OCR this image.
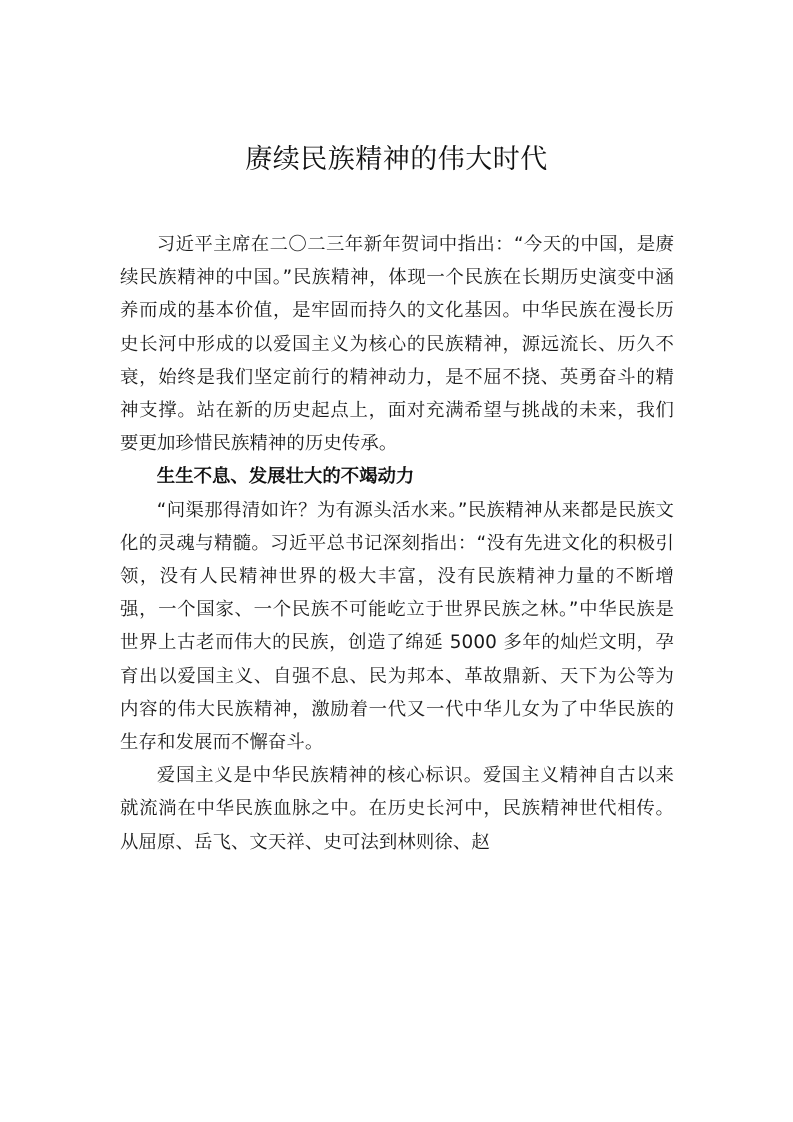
赓续民族精神的伟大时代

习近平主席在二〇二三年新年贺词中指出：“今天的中国，是赓续民族精神的中国。”民族精神，体现一个民族在长期历史演变中涵养而成的基本价值，是牢固而持久的文化基因。中华民族在漫长历史长河中形成的以爱国主义为核心的民族精神，源远流长、历久不衰，始终是我们坚定前行的精神动力，是不屈不挠、英勇奋斗的精神支撑。站在新的历史起点上，面对充满希望与挑战的未来，我们要更加珍惜民族精神的历史传承。

生生不息、发展壮大的不竭动力

“问渠那得清如许？为有源头活水来。”民族精神从来都是民族文化的灵魂与精髓。习近平总书记深刻指出：“没有先进文化的积极引领，没有人民精神世界的极大丰富，没有民族精神力量的不断增强，一个国家、一个民族不可能屹立于世界民族之林。”中华民族是世界上古老而伟大的民族，创造了绵延 5000 多年的灿烂文明，孕育出以爱国主义、自强不息、民为邦本、革故鼎新、天下为公等为内容的伟大民族精神，激励着一代又一代中华儿女为了中华民族的生存和发展而不懈奋斗。

爱国主义是中华民族精神的核心标识。爱国主义精神自古以来就流淌在中华民族血脉之中。在历史长河中，民族精神世代相传。从屈原、岳飞、文天祥、史可法到林则徐、赵
